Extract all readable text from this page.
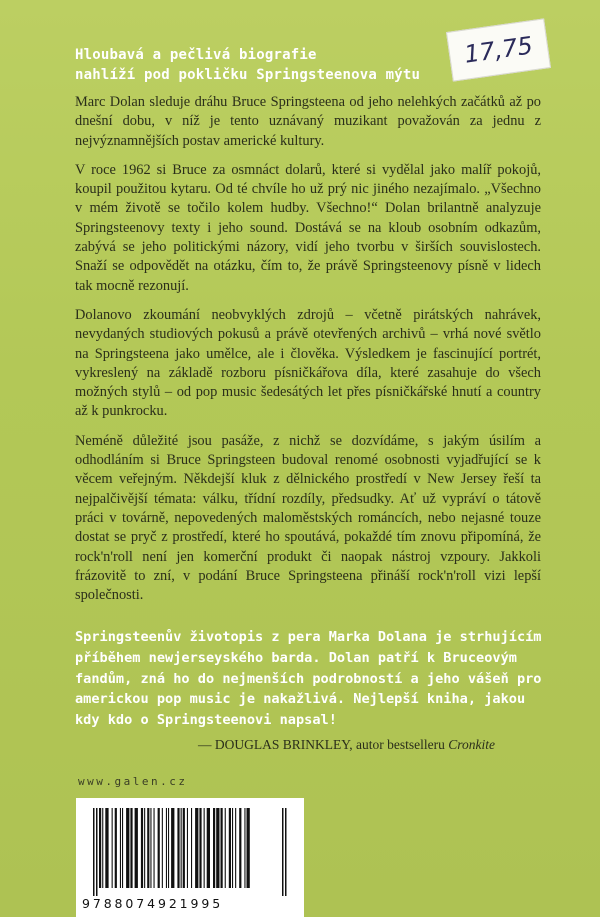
Hloubavá a pečlivá biografie
nahlíží pod pokličku Springsteenova mýtu
17,75

Marc Dolan sleduje dráhu Bruce Springsteena od jeho nelehkých začátků až po dnešní dobu, v níž je tento uznávaný muzikant považován za jednu z nejvýznamnějších postav americké kultury.

V roce 1962 si Bruce za osmnáct dolarů, které si vydělal jako malíř pokojů, koupil použitou kytaru. Od té chvíle ho už prý nic jiného nezajímalo. „Všechno v mém životě se točilo kolem hudby. Všechno!“ Dolan brilantně analyzuje Springsteenovy texty i jeho sound. Dostává se na kloub osobním odkazům, zabývá se jeho politickými názory, vidí jeho tvorbu v širších souvislostech. Snaží se odpovědět na otázku, čím to, že právě Springsteenovy písně v lidech tak mocně rezonují.

Dolanovo zkoumání neobvyklých zdrojů – včetně pirátských nahrávek, nevydaných studiových pokusů a právě otevřených archivů – vrhá nové světlo na Springsteena jako umělce, ale i člověka. Výsledkem je fascinující portrét, vykreslený na základě rozboru písničkářova díla, které zasahuje do všech možných stylů – od pop music šedesátých let přes písničkářské hnutí a country až k punkrocku.

Neméně důležité jsou pasáže, z nichž se dozvídáme, s jakým úsilím a odhodláním si Bruce Springsteen budoval renomé osobnosti vyjadřující se k věcem veřejným. Někdejší kluk z dělnického prostředí v New Jersey řeší ta nejpalčivější témata: válku, třídní rozdíly, předsudky. Ať už vypráví o tátově práci v továrně, nepovedených maloměstských románcích, nebo nejasné touze dostat se pryč z prostředí, které ho spoutává, pokaždé tím znovu připomíná, že rock'n'roll není jen komerční produkt či naopak nástroj vzpoury. Jakkoli frázovitě to zní, v podání Bruce Springsteena přináší rock'n'roll vizi lepší společnosti.

Springsteenův životopis z pera Marka Dolana je strhujícím příběhem newjerseyského barda. Dolan patří k Bruceovým fandům, zná ho do nejmenších podrobností a jeho vášeň pro americkou pop music je nakažlivá. Nejlepší kniha, jakou kdy kdo o Springsteenovi napsal!
— DOUGLAS BRINKLEY, autor bestselleru Cronkite
www.galen.cz
9788074921995
